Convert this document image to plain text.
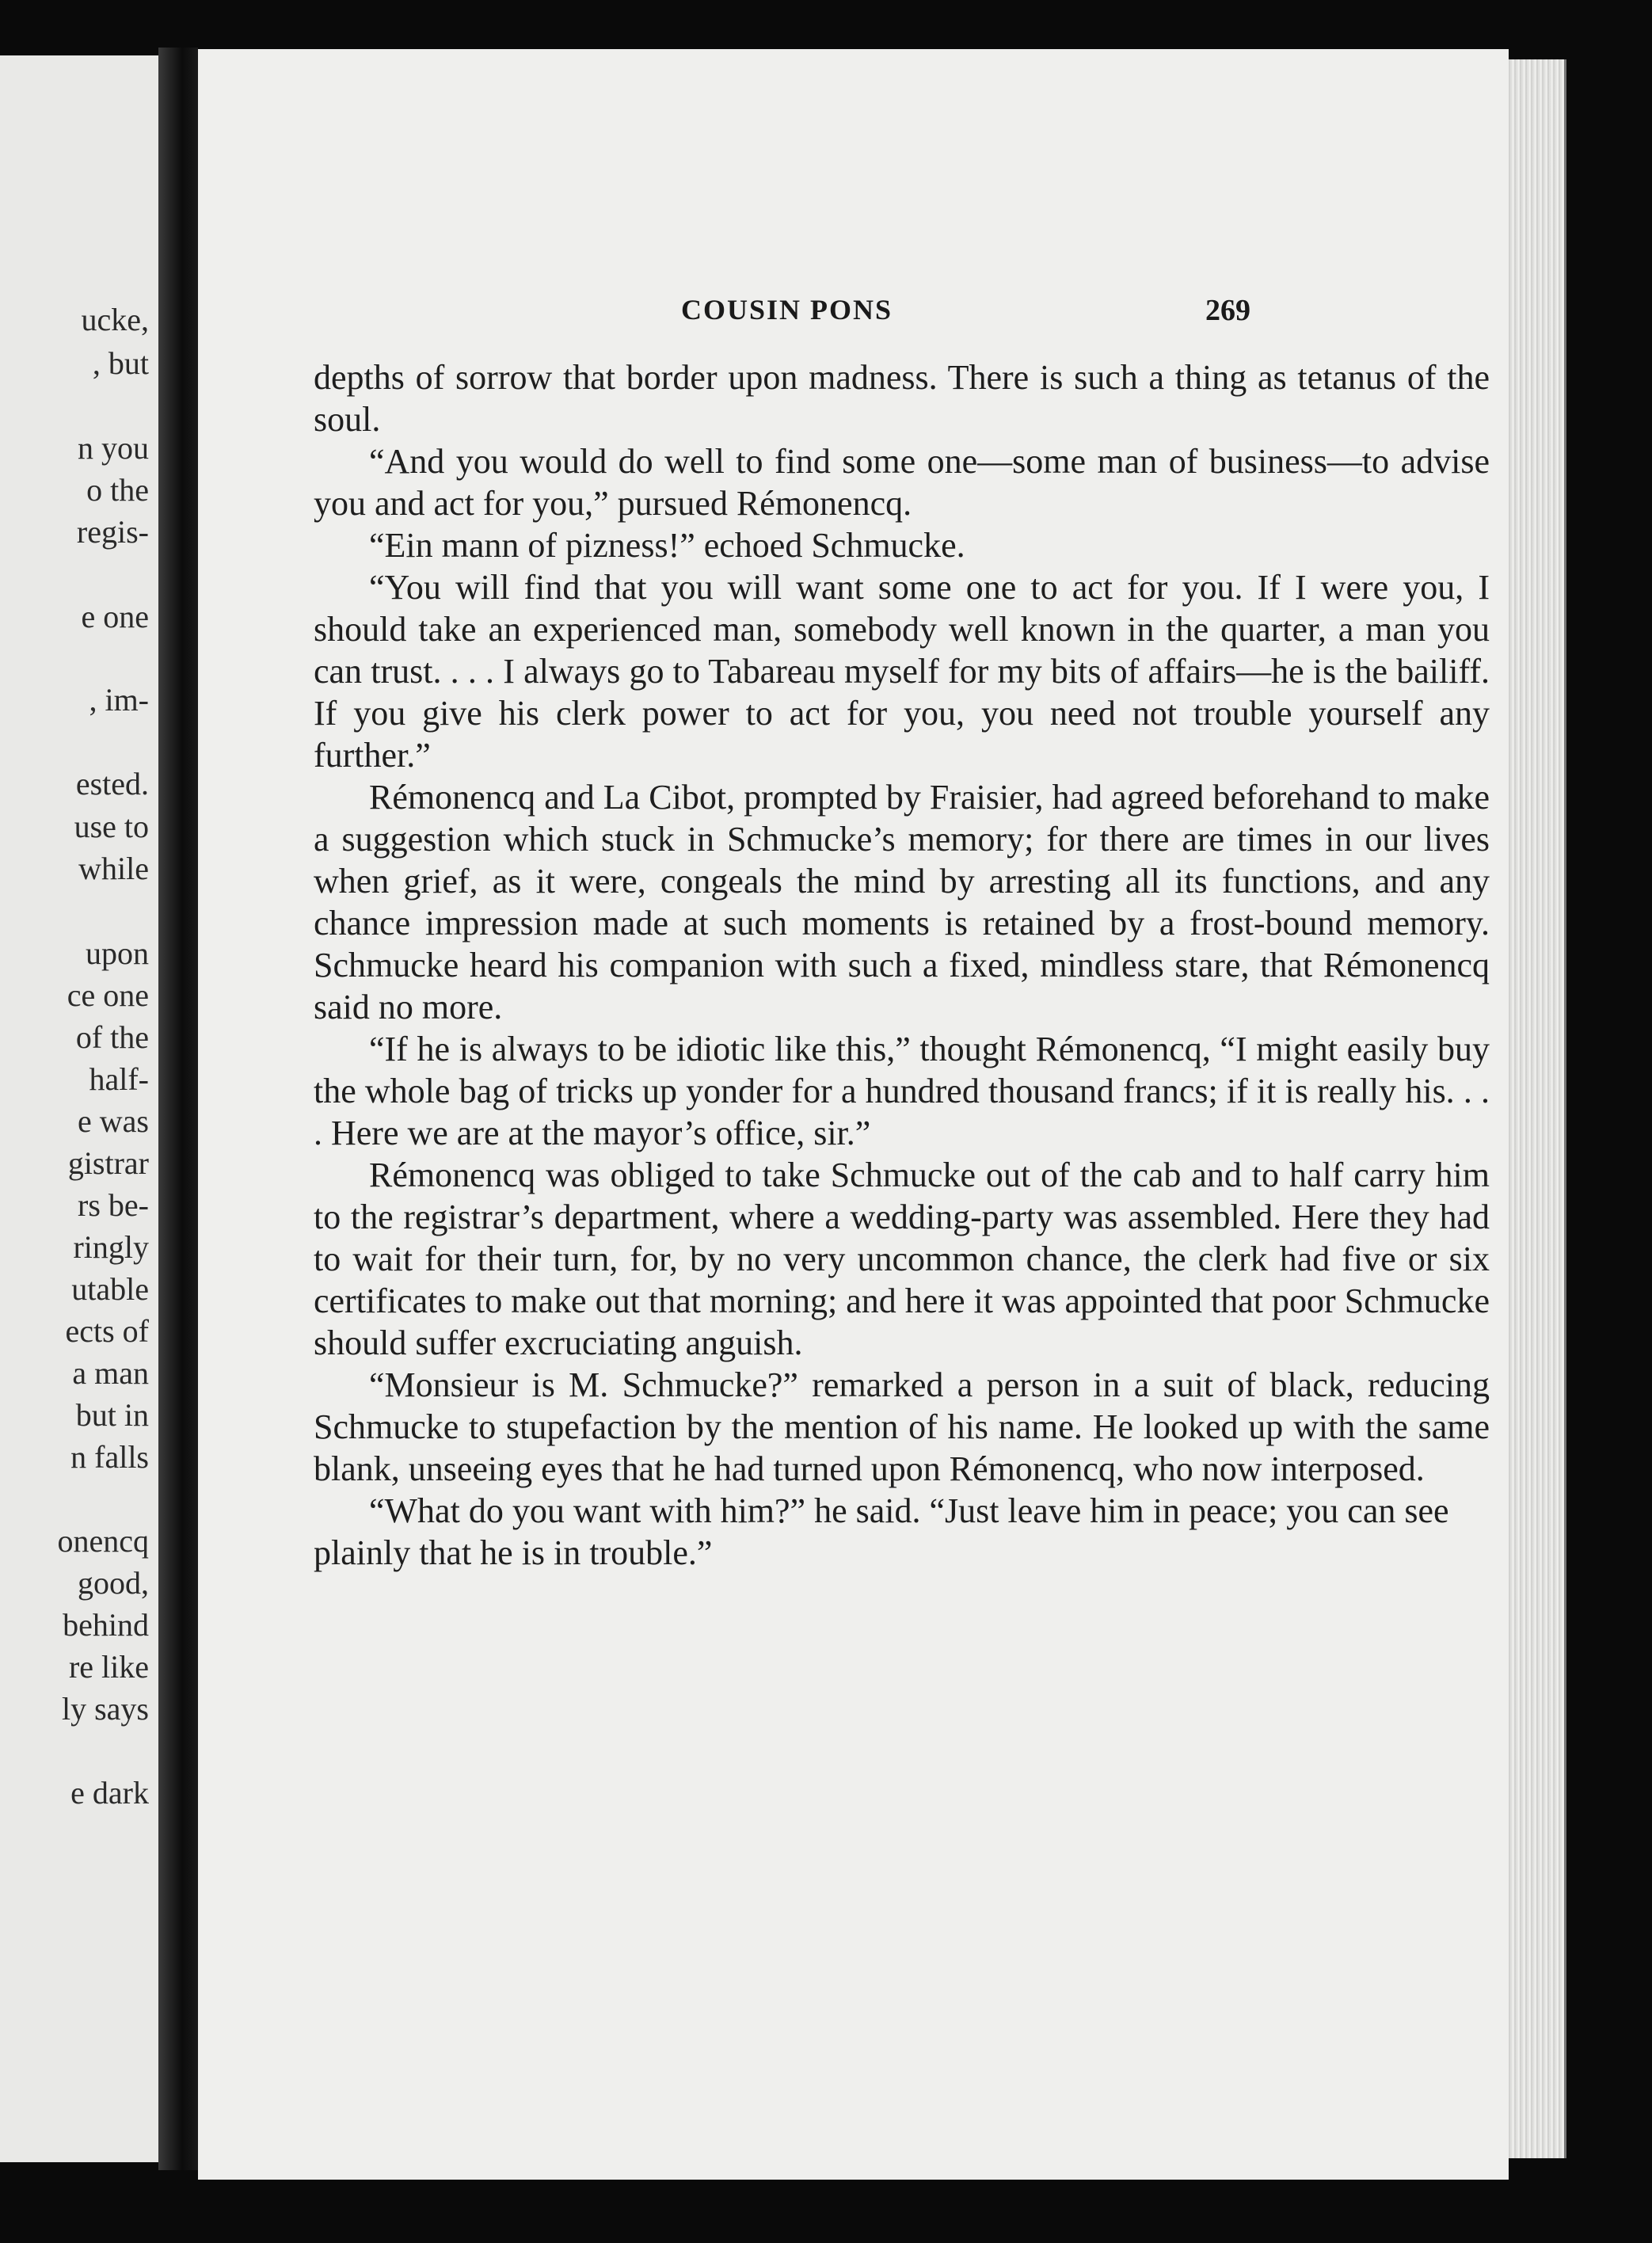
ucke,
, but
n you
o the
regis-
e one
, im-
ested.
use to
while
upon
ce one
of the
half-
e was
gistrar
rs be-
ringly
utable
ects of
a man
but in
n falls
onencq
good,
behind
re like
ly says
e dark
COUSIN PONS	269

depths of sorrow that border upon madness. There is such a thing as tetanus of the soul.

“And you would do well to find some one—some man of business—to advise you and act for you,” pursued Rémonencq.

“Ein mann of pizness!” echoed Schmucke.

“You will find that you will want some one to act for you. If I were you, I should take an experienced man, somebody well known in the quarter, a man you can trust. . . . I always go to Tabareau myself for my bits of affairs—he is the bailiff. If you give his clerk power to act for you, you need not trouble yourself any further.”

Rémonencq and La Cibot, prompted by Fraisier, had agreed beforehand to make a suggestion which stuck in Schmucke’s memory; for there are times in our lives when grief, as it were, congeals the mind by arresting all its functions, and any chance impression made at such moments is retained by a frost-bound memory. Schmucke heard his companion with such a fixed, mindless stare, that Rémonencq said no more.

“If he is always to be idiotic like this,” thought Rémonencq, “I might easily buy the whole bag of tricks up yonder for a hundred thousand francs; if it is really his. . . . Here we are at the mayor’s office, sir.”

Rémonencq was obliged to take Schmucke out of the cab and to half carry him to the registrar’s department, where a wedding-party was assembled. Here they had to wait for their turn, for, by no very uncommon chance, the clerk had five or six certificates to make out that morning; and here it was appointed that poor Schmucke should suffer excruciating anguish.

“Monsieur is M. Schmucke?” remarked a person in a suit of black, reducing Schmucke to stupefaction by the mention of his name. He looked up with the same blank, unseeing eyes that he had turned upon Rémonencq, who now interposed.

“What do you want with him?” he said. “Just leave him in peace; you can see plainly that he is in trouble.”
